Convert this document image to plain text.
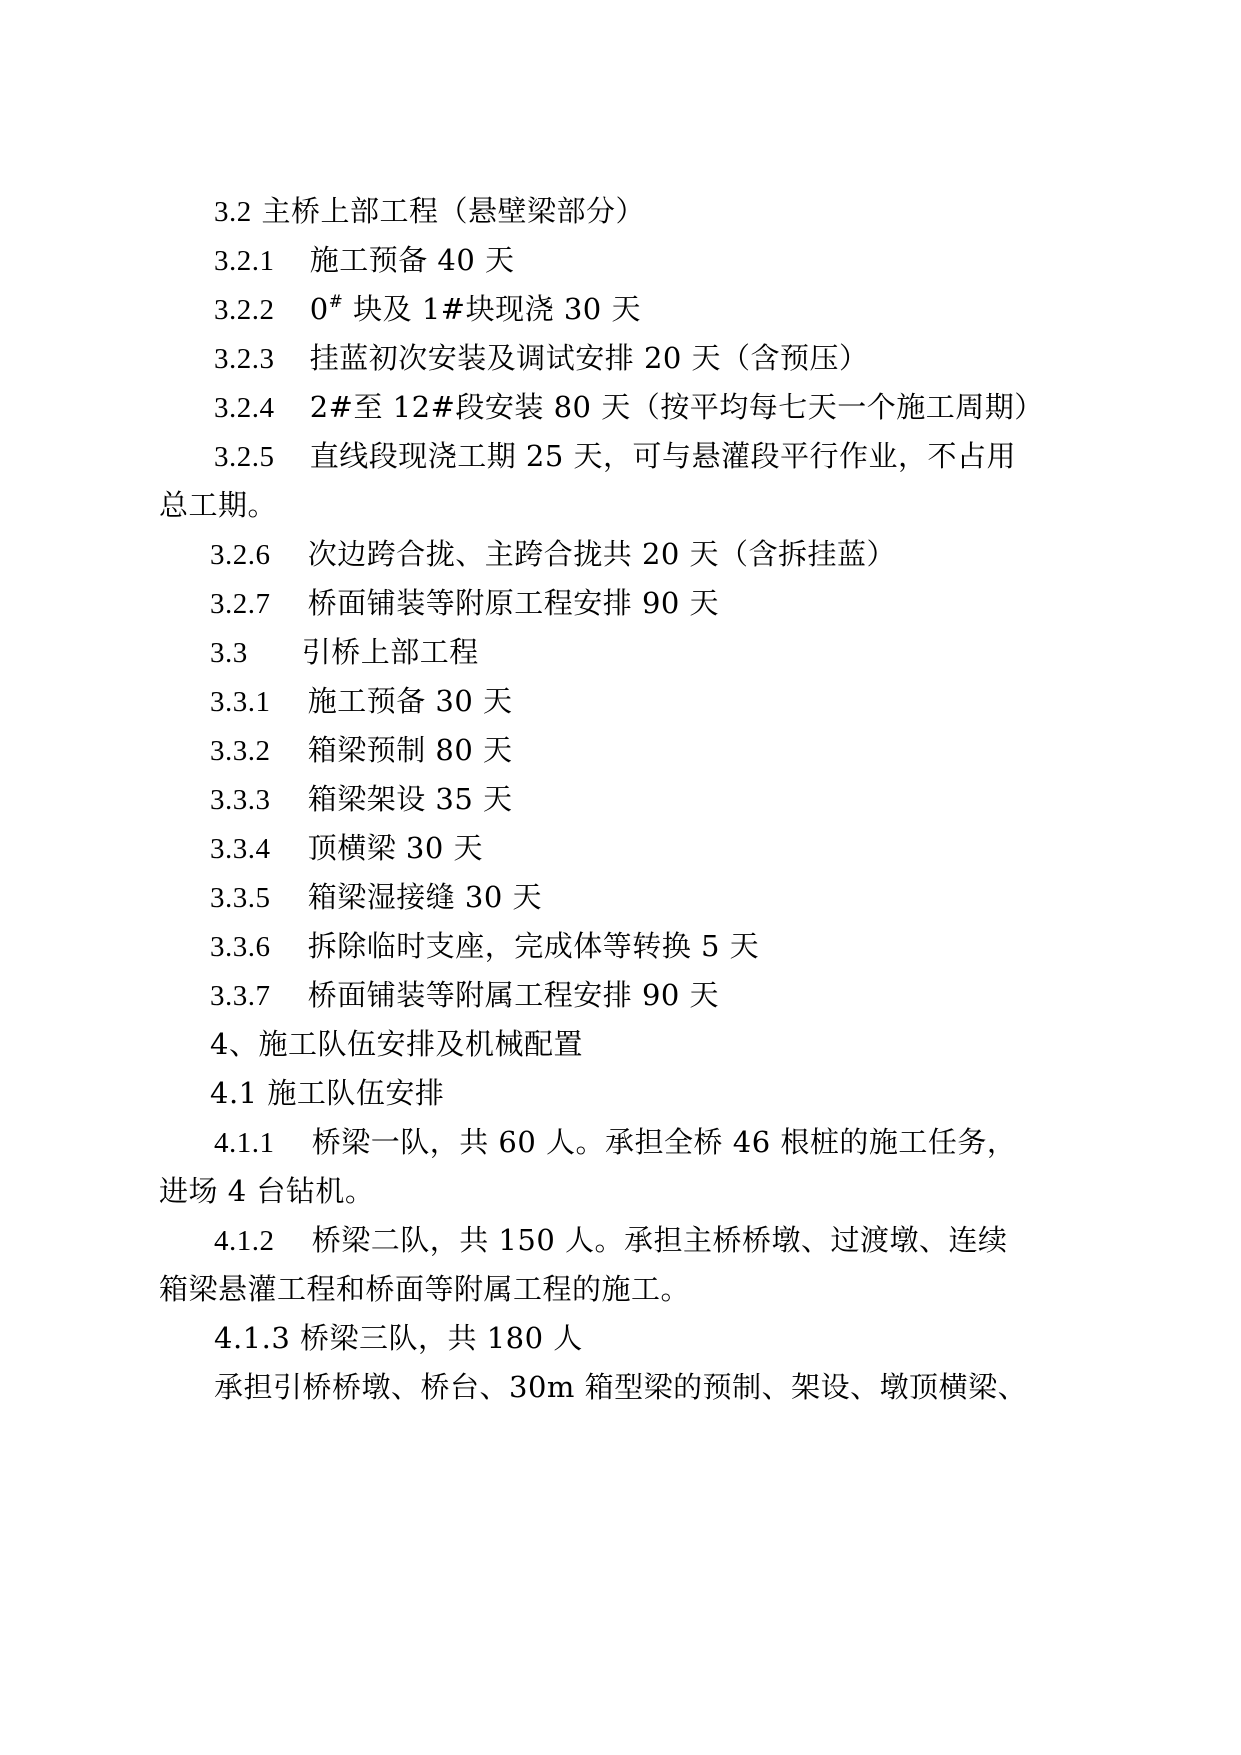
3.2 主桥上部工程（悬壁梁部分）
3.2.1 施工预备 40 天
3.2.2 0# 块及 1#块现浇 30 天
3.2.3 挂蓝初次安装及调试安排 20 天（含预压）
3.2.4 2#至 12#段安装 80 天（按平均每七天一个施工周期）
3.2.5 直线段现浇工期 25 天，可与悬灌段平行作业，不占用
总工期。
3.2.6 次边跨合拢、主跨合拢共 20 天（含拆挂蓝）
3.2.7 桥面铺装等附原工程安排 90 天
3.3 引桥上部工程
3.3.1 施工预备 30 天
3.3.2 箱梁预制 80 天
3.3.3 箱梁架设 35 天
3.3.4 顶横梁 30 天
3.3.5 箱梁湿接缝 30 天
3.3.6 拆除临时支座，完成体等转换 5 天
3.3.7 桥面铺装等附属工程安排 90 天
4、施工队伍安排及机械配置
4.1 施工队伍安排
4.1.1 桥梁一队，共 60 人。承担全桥 46 根桩的施工任务，
进场 4 台钻机。
4.1.2 桥梁二队，共 150 人。承担主桥桥墩、过渡墩、连续
箱梁悬灌工程和桥面等附属工程的施工。
4.1.3 桥梁三队，共 180 人
承担引桥桥墩、桥台、30m 箱型梁的预制、架设、墩顶横梁、
